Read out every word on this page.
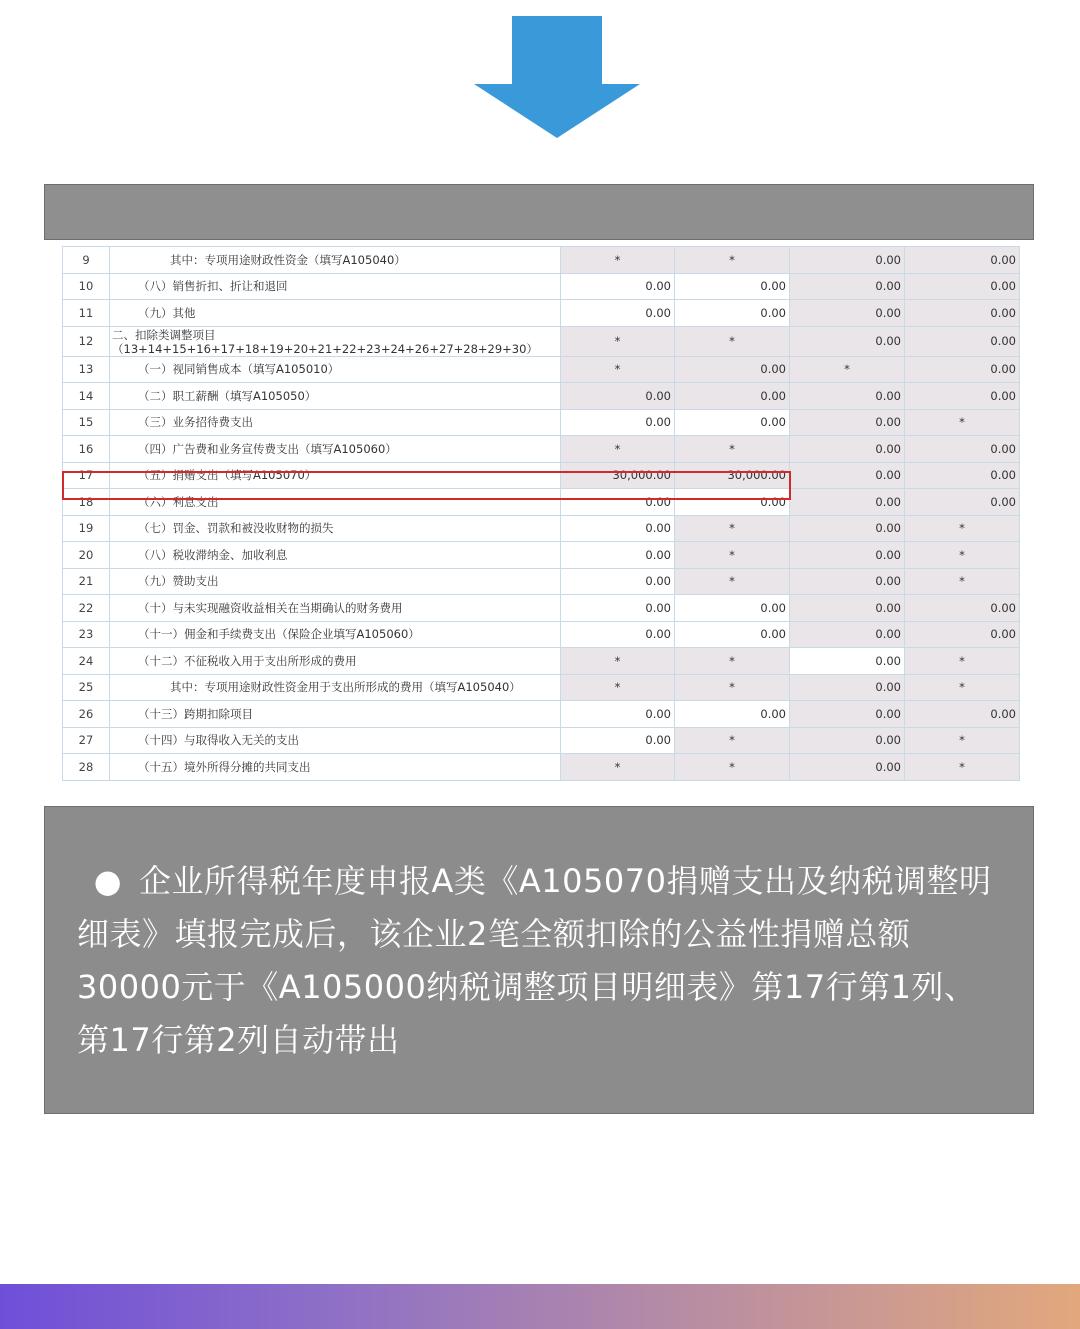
9	其中：专项用途财政性资金（填写A105040）	*	*	0.00	0.00
10	（八）销售折扣、折让和退回	0.00	0.00	0.00	0.00
11	（九）其他	0.00	0.00	0.00	0.00
12	二、扣除类调整项目
（13+14+15+16+17+18+19+20+21+22+23+24+26+27+28+29+30）	*	*	0.00	0.00
13	（一）视同销售成本（填写A105010）	*	0.00	*	0.00
14	（二）职工薪酬（填写A105050）	0.00	0.00	0.00	0.00
15	（三）业务招待费支出	0.00	0.00	0.00	*
16	（四）广告费和业务宣传费支出（填写A105060）	*	*	0.00	0.00
17	（五）捐赠支出（填写A105070）	30,000.00	30,000.00	0.00	0.00
18	（六）利息支出	0.00	0.00	0.00	0.00
19	（七）罚金、罚款和被没收财物的损失	0.00	*	0.00	*
20	（八）税收滞纳金、加收利息	0.00	*	0.00	*
21	（九）赞助支出	0.00	*	0.00	*
22	（十）与未实现融资收益相关在当期确认的财务费用	0.00	0.00	0.00	0.00
23	（十一）佣金和手续费支出（保险企业填写A105060）	0.00	0.00	0.00	0.00
24	（十二）不征税收入用于支出所形成的费用	*	*	0.00	*
25	其中：专项用途财政性资金用于支出所形成的费用（填写A105040）	*	*	0.00	*
26	（十三）跨期扣除项目	0.00	0.00	0.00	0.00
27	（十四）与取得收入无关的支出	0.00	*	0.00	*
28	（十五）境外所得分摊的共同支出	*	*	0.00	*
● 企业所得税年度申报A类《A105070捐赠支出及纳税调整明细表》填报完成后，该企业2笔全额扣除的公益性捐赠总额30000元于《A105000纳税调整项目明细表》第17行第1列、第17行第2列自动带出
